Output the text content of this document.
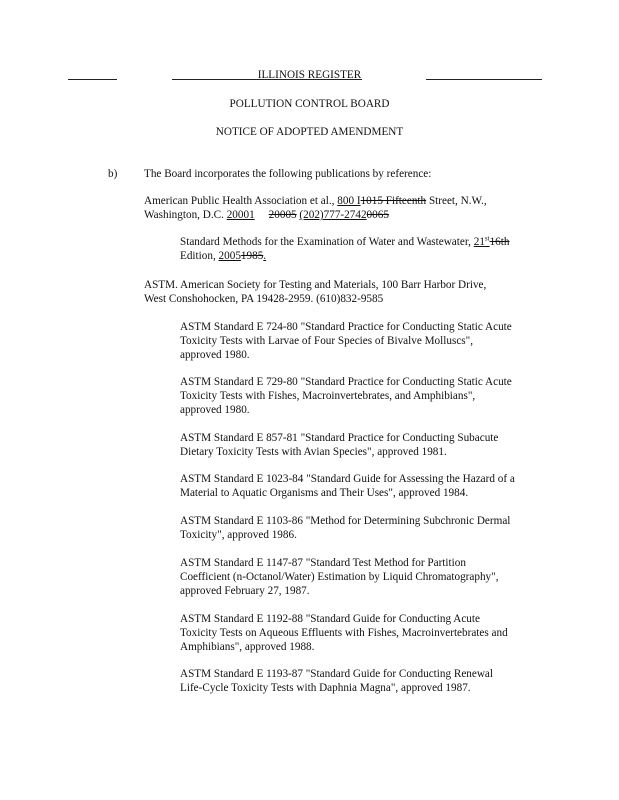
ILLINOIS REGISTER
POLLUTION CONTROL BOARD
NOTICE OF ADOPTED AMENDMENT
b) The Board incorporates the following publications by reference:
American Public Health Association et al., 800 I1015 Fifteenth Street, N.W.,
Washington, D.C. 20001 20005 (202)777-27420065
Standard Methods for the Examination of Water and Wastewater, 21st16th
Edition, 20051985.
ASTM. American Society for Testing and Materials, 100 Barr Harbor Drive,
West Conshohocken, PA 19428-2959. (610)832-9585
ASTM Standard E 724-80 "Standard Practice for Conducting Static Acute
Toxicity Tests with Larvae of Four Species of Bivalve Molluscs",
approved 1980.
ASTM Standard E 729-80 "Standard Practice for Conducting Static Acute
Toxicity Tests with Fishes, Macroinvertebrates, and Amphibians",
approved 1980.
ASTM Standard E 857-81 "Standard Practice for Conducting Subacute
Dietary Toxicity Tests with Avian Species", approved 1981.
ASTM Standard E 1023-84 "Standard Guide for Assessing the Hazard of a
Material to Aquatic Organisms and Their Uses", approved 1984.
ASTM Standard E 1103-86 "Method for Determining Subchronic Dermal
Toxicity", approved 1986.
ASTM Standard E 1147-87 "Standard Test Method for Partition
Coefficient (n-Octanol/Water) Estimation by Liquid Chromatography",
approved February 27, 1987.
ASTM Standard E 1192-88 "Standard Guide for Conducting Acute
Toxicity Tests on Aqueous Effluents with Fishes, Macroinvertebrates and
Amphibians", approved 1988.
ASTM Standard E 1193-87 "Standard Guide for Conducting Renewal
Life-Cycle Toxicity Tests with Daphnia Magna", approved 1987.
